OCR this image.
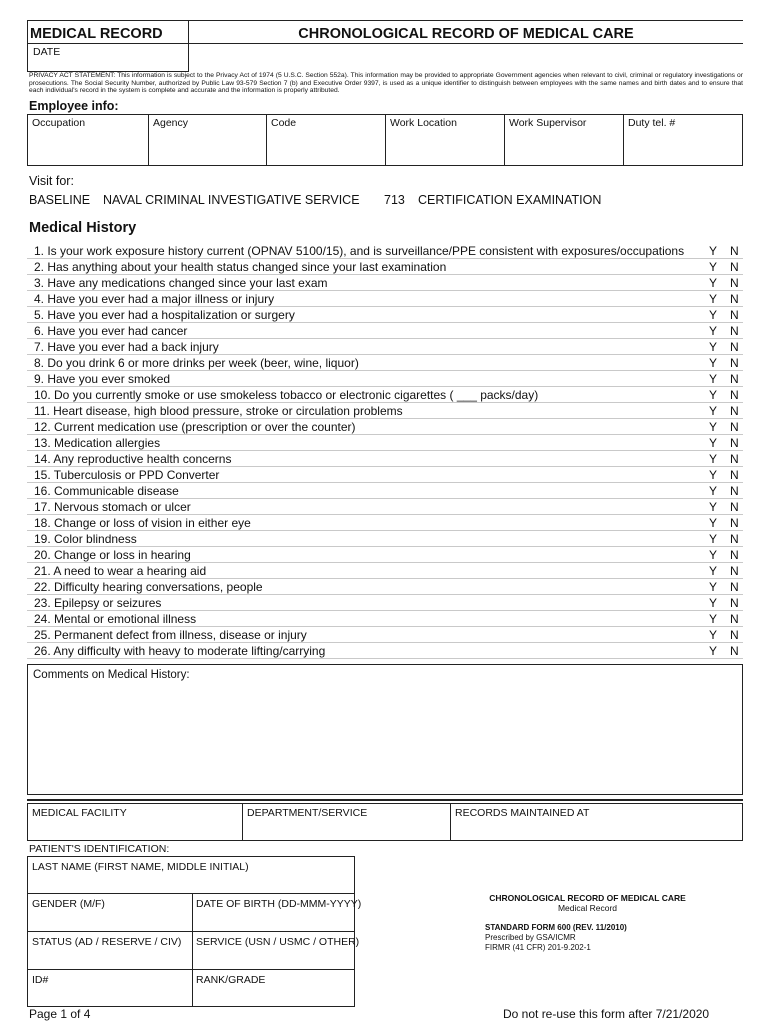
MEDICAL RECORD	CHRONOLOGICAL RECORD OF MEDICAL CARE
DATE
PRIVACY ACT STATEMENT: This information is subject to the Privacy Act of 1974 (5 U.S.C. Section 552a). This information may be provided to appropriate Government agencies when relevant to civil, criminal or regulatory investigations or prosecutions. The Social Security Number, authorized by Public Law 93-579 Section 7 (b) and Executive Order 9397, is used as a unique identifier to distinguish between employees with the same names and birth dates and to ensure that each individual's record in the system is complete and accurate and the information is properly attributed.
Employee info:
Occupation	Agency	Code	Work Location	Work Supervisor	Duty tel. #
Visit for:
BASELINE NAVAL CRIMINAL INVESTIGATIVE SERVICE 713 CERTIFICATION EXAMINATION
Medical History
1. Is your work exposure history current (OPNAV 5100/15), and is surveillance/PPE consistent with exposures/occupations Y N
2. Has anything about your health status changed since your last examination	Y N
3. Have any medications changed since your last exam	Y N
4. Have you ever had a major illness or injury	Y N
5. Have you ever had a hospitalization or surgery	Y N
6. Have you ever had cancer	Y N
7. Have you ever had a back injury	Y N
8. Do you drink 6 or more drinks per week (beer, wine, liquor)	Y N
9. Have you ever smoked	Y N
10. Do you currently smoke or use smokeless tobacco or electronic cigarettes ( ___ packs/day)	Y N
11. Heart disease, high blood pressure, stroke or circulation problems	Y N
12. Current medication use (prescription or over the counter)	Y N
13. Medication allergies	Y N
14. Any reproductive health concerns	Y N
15. Tuberculosis or PPD Converter	Y N
16. Communicable disease	Y N
17. Nervous stomach or ulcer	Y N
18. Change or loss of vision in either eye	Y N
19. Color blindness	Y N
20. Change or loss in hearing	Y N
21. A need to wear a hearing aid	Y N
22. Difficulty hearing conversations, people	Y N
23. Epilepsy or seizures	Y N
24. Mental or emotional illness	Y N
25. Permanent defect from illness, disease or injury	Y N
26. Any difficulty with heavy to moderate lifting/carrying	Y N
Comments on Medical History:
MEDICAL FACILITY	DEPARTMENT/SERVICE	RECORDS MAINTAINED AT
PATIENT'S IDENTIFICATION:
LAST NAME (FIRST NAME, MIDDLE INITIAL)
GENDER (M/F)	DATE OF BIRTH (DD-MMM-YYYY)
STATUS (AD / RESERVE / CIV) SERVICE (USN / USMC / OTHER)
ID#	RANK/GRADE
CHRONOLOGICAL RECORD OF MEDICAL CARE
Medical Record
STANDARD FORM 600 (REV. 11/2010)
Prescribed by GSA/ICMR
FIRMR (41 CFR) 201-9.202-1
Page 1 of 4	Do not re-use this form after 7/21/2020
